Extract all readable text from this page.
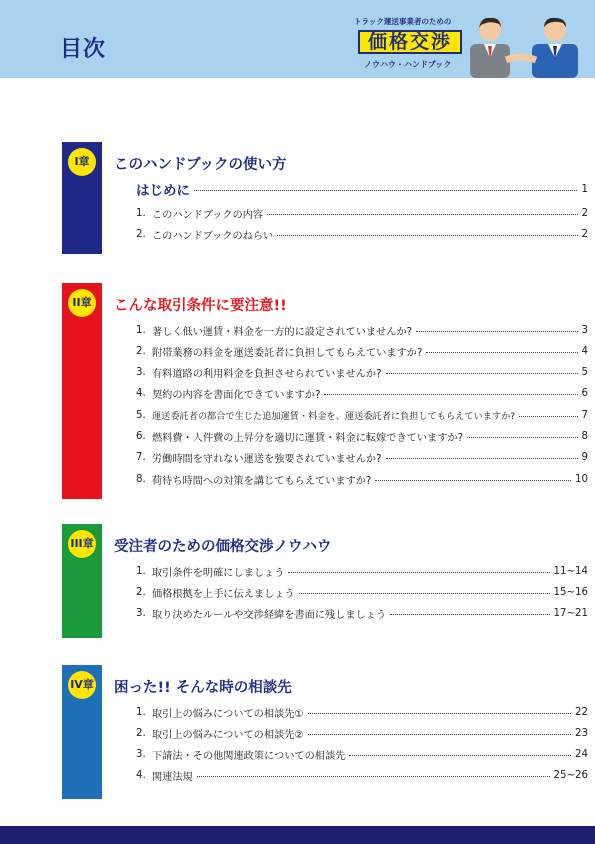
目次
トラック運送事業者のための
価格交渉
ノウハウ・ハンドブック
I章	このハンドブックの使い方
はじめに	1
1. このハンドブックの内容	2
2. このハンドブックのねらい	2
II章	こんな取引条件に要注意!!
1. 著しく低い運賃・料金を一方的に設定されていませんか?	3
2. 附帯業務の料金を運送委託者に負担してもらえていますか?	4
3. 有料道路の利用料金を負担させられていませんか?	5
4. 契約の内容を書面化できていますか?	6
5. 運送委託者の都合で生じた追加運賃・料金を、運送委託者に負担してもらえていますか?	7
6. 燃料費・人件費の上昇分を適切に運賃・料金に転嫁できていますか?	8
7. 労働時間を守れない運送を強要されていませんか?	9
8. 荷待ち時間への対策を講じてもらえていますか?	10
III章 受注者のための価格交渉ノウハウ
1. 取引条件を明確にしましょう	11~14
2. 価格根拠を上手に伝えましょう	15~16
3. 取り決めたルールや交渉経緯を書面に残しましょう	17~21
IV章 困った!! そんな時の相談先
1. 取引上の悩みについての相談先①	22
2. 取引上の悩みについての相談先②	23
3. 下請法・その他関連政策についての相談先	24
4. 関連法規	25~26
